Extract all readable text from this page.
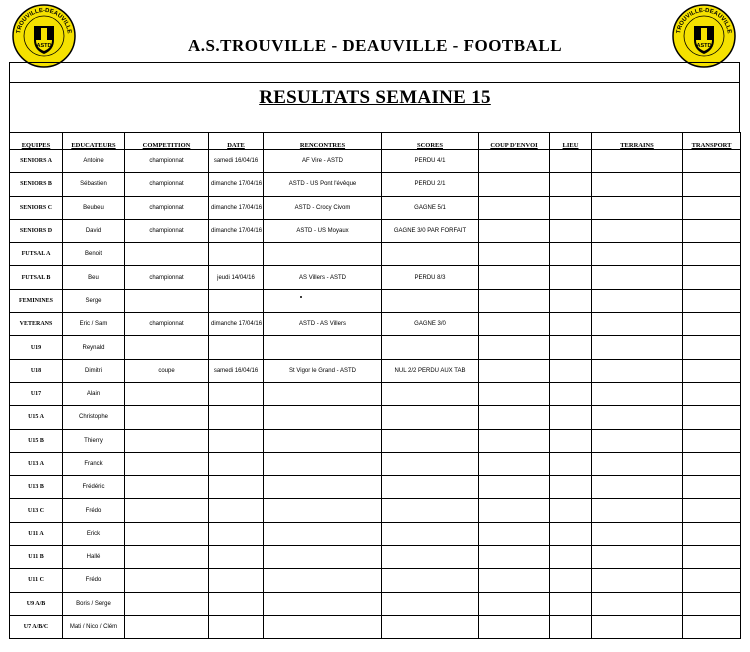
TROUVILLE-DEAUVILLE
ASTD
TROUVILLE-DEAUVILLE
ASTD
A.S.TROUVILLE - DEAUVILLE - FOOTBALL
RESULTATS SEMAINE 15
EQUIPES	EDUCATEURS	COMPETITION	DATE	RENCONTRES	SCORES	COUP D'ENVOI	LIEU	TERRAINS	TRANSPORT
SENIORS A	Antoine	championnat	samedi 16/04/16	AF Vire - ASTD	PERDU 4/1				
SENIORS B	Sébastien	championnat	dimanche 17/04/16	ASTD - US Pont l'évêque	PERDU 2/1				
SENIORS C	Beubeu	championnat	dimanche 17/04/16	ASTD - Crocy Civom	GAGNE 5/1				
SENIORS D	David	championnat	dimanche 17/04/16	ASTD - US Moyaux	GAGNE 3/0 PAR FORFAIT				
FUTSAL A	Benoit								
FUTSAL B	Beu	championnat	jeudi 14/04/16	AS Villers - ASTD	PERDU 8/3				
FEMININES	Serge								
VETERANS	Eric / Sam	championnat	dimanche 17/04/16	ASTD - AS Villers	GAGNE 3/0				
U19	Reynald								
U18	Dimitri	coupe	samedi 16/04/16	St Vigor le Grand - ASTD	NUL 2/2 PERDU AUX TAB				
U17	Alain								
U15 A	Christophe								
U15 B	Thierry								
U13 A	Franck								
U13 B	Frédéric								
U13 C	Frédo								
U11 A	Erick								
U11 B	Hallé								
U11 C	Frédo								
U9 A/B	Boris / Serge								
U7 A/B/C	Mati / Nico / Clém								
